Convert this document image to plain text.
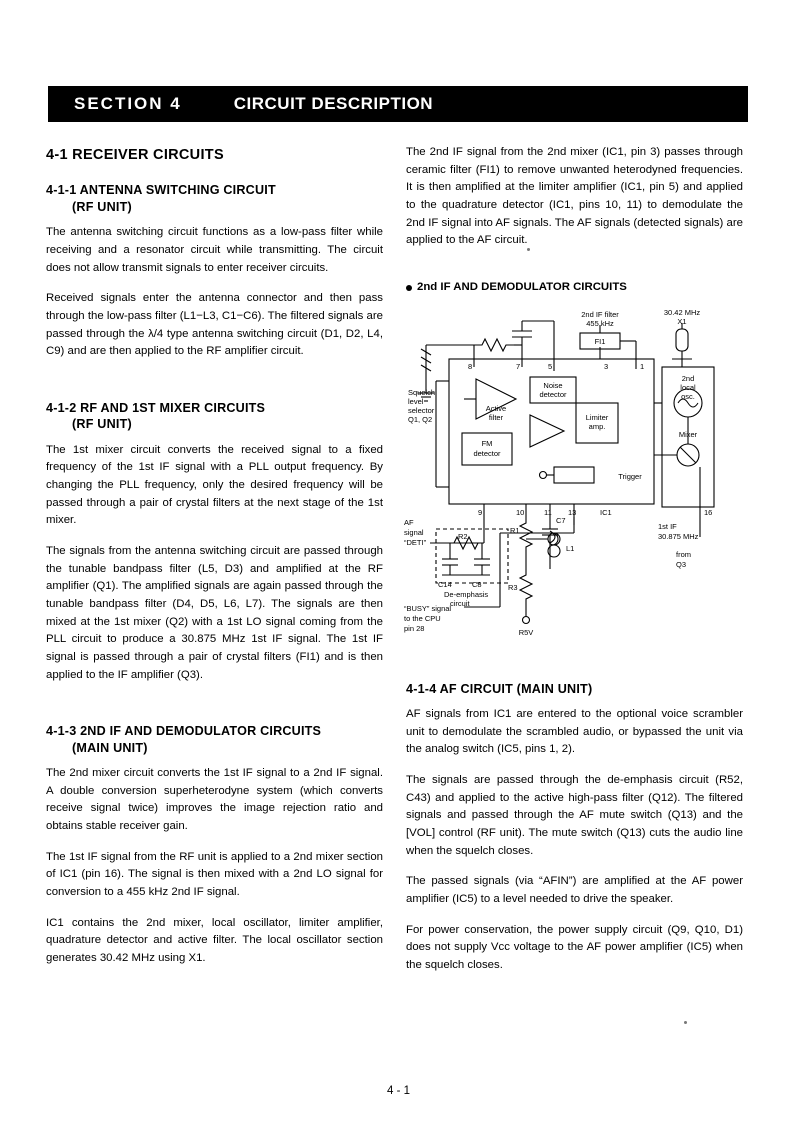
SECTION 4	CIRCUIT DESCRIPTION
4-1 RECEIVER CIRCUITS
4-1-1 ANTENNA SWITCHING CIRCUIT
(RF UNIT)

The antenna switching circuit functions as a low-pass filter while receiving and a resonator circuit while transmitting. The circuit does not allow transmit signals to enter receiver circuits.

Received signals enter the antenna connector and then pass through the low-pass filter (L1−L3, C1−C6). The filtered signals are passed through the λ/4 type antenna switching circuit (D1, D2, L4, C9) and are then applied to the RF amplifier circuit.

4-1-2 RF AND 1ST MIXER CIRCUITS
(RF UNIT)

The 1st mixer circuit converts the received signal to a fixed frequency of the 1st IF signal with a PLL output frequency. By changing the PLL frequency, only the desired frequency will be passed through a pair of crystal filters at the next stage of the 1st mixer.

The signals from the antenna switching circuit are passed through the tunable bandpass filter (L5, D3) and amplified at the RF amplifier (Q1). The amplified signals are again passed through the tunable bandpass filter (D4, D5, L6, L7). The signals are then mixed at the 1st mixer (Q2) with a 1st LO signal coming from the PLL circuit to produce a 30.875 MHz 1st IF signal. The 1st IF signal is passed through a pair of crystal filters (FI1) and is then applied to the IF amplifier (Q3).

4-1-3 2ND IF AND DEMODULATOR CIRCUITS
(MAIN UNIT)

The 2nd mixer circuit converts the 1st IF signal to a 2nd IF signal. A double conversion superheterodyne system (which converts receive signal twice) improves the image rejection ratio and obtains stable receiver gain.

The 1st IF signal from the RF unit is applied to a 2nd mixer section of IC1 (pin 16). The signal is then mixed with a 2nd LO signal for conversion to a 455 kHz 2nd IF signal.

IC1 contains the 2nd mixer, local oscillator, limiter amplifier, quadrature detector and active filter. The local oscillator section generates 30.42 MHz using X1.

The 2nd IF signal from the 2nd mixer (IC1, pin 3) passes through ceramic filter (FI1) to remove unwanted heterodyned frequencies. It is then amplified at the limiter amplifier (IC1, pin 5) and applied to the quadrature detector (IC1, pins 10, 11) to demodulate the 2nd IF signal into AF signals. The AF signals (detected signals) are applied to the AF circuit.

2nd IF AND DEMODULATOR CIRCUITS
2nd IF filter
455 kHz
FI1
30.42 MHz
X1
8	7	5	3	1
Squelch
level
selector
Q1, Q2
Active
filter
Noise
detector
Limiter
amp.
FM
detector
2nd
local
osc.
Mixer
Trigger
9	10	11 13	IC1	16
AF
signal
“DETI”
1st IF
30.875 MHz
from
Q3
C14	C8
R2
R1
C7
L1
R3
R5V
De-emphasis
circuit
“BUSY” signal
to the CPU
pin 28
4-1-4 AF CIRCUIT (MAIN UNIT)

AF signals from IC1 are entered to the optional voice scrambler unit to demodulate the scrambled audio, or bypassed the unit via the analog switch (IC5, pins 1, 2).

The signals are passed through the de-emphasis circuit (R52, C43) and applied to the active high-pass filter (Q12). The filtered signals and passed through the AF mute switch (Q13) and the [VOL] control (RF unit). The mute switch (Q13) cuts the audio line when the squelch closes.

The passed signals (via “AFIN”) are amplified at the AF power amplifier (IC5) to a level needed to drive the speaker.

For power conservation, the power supply circuit (Q9, Q10, D1) does not supply Vcc voltage to the AF power amplifier (IC5) when the squelch closes.

4 - 1
